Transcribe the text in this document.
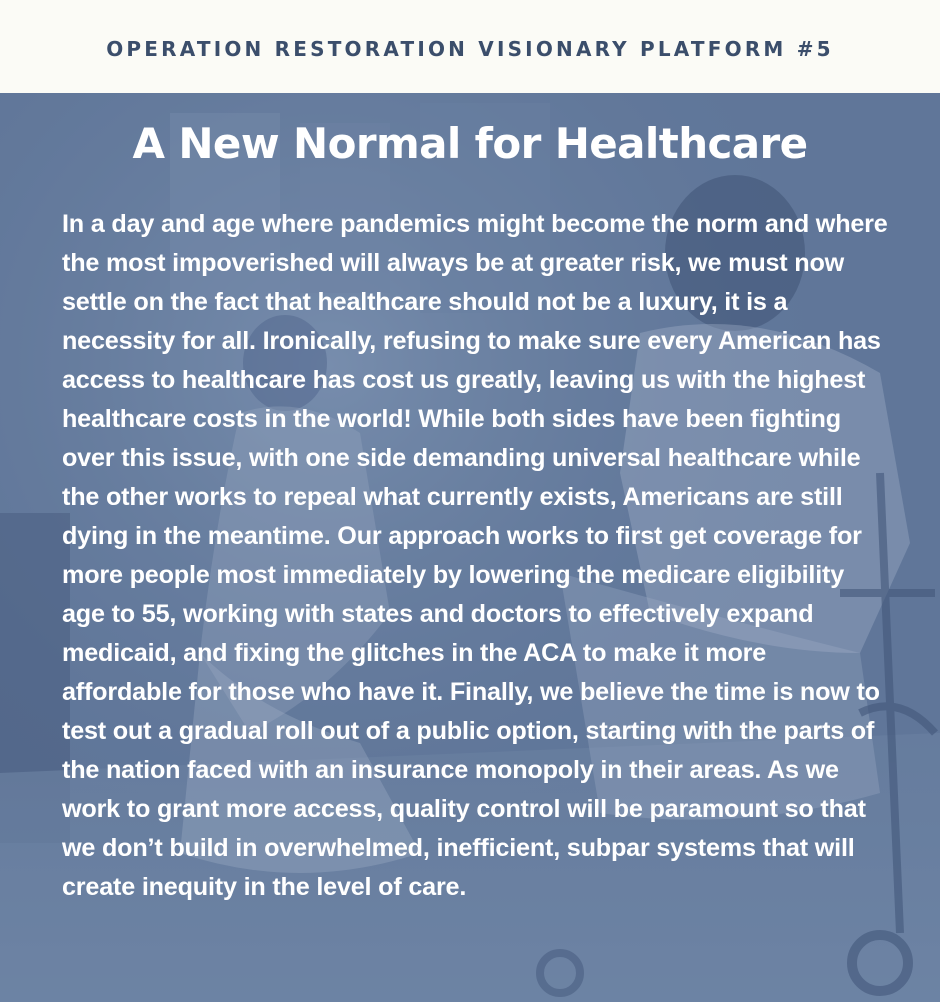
OPERATION RESTORATION VISIONARY PLATFORM #5
A New Normal for Healthcare

In a day and age where pandemics might become the norm and where the most impoverished will always be at greater risk, we must now settle on the fact that healthcare should not be a luxury, it is a necessity for all. Ironically, refusing to make sure every American has access to healthcare has cost us greatly, leaving us with the highest healthcare costs in the world! While both sides have been fighting over this issue, with one side demanding universal healthcare while the other works to repeal what currently exists, Americans are still dying in the meantime. Our approach works to first get coverage for more people most immediately by lowering the medicare eligibility age to 55, working with states and doctors to effectively expand medicaid, and fixing the glitches in the ACA to make it more affordable for those who have it. Finally, we believe the time is now to test out a gradual roll out of a public option, starting with the parts of the nation faced with an insurance monopoly in their areas. As we work to grant more access, quality control will be paramount so that we don’t build in overwhelmed, inefficient, subpar systems that will create inequity in the level of care.
